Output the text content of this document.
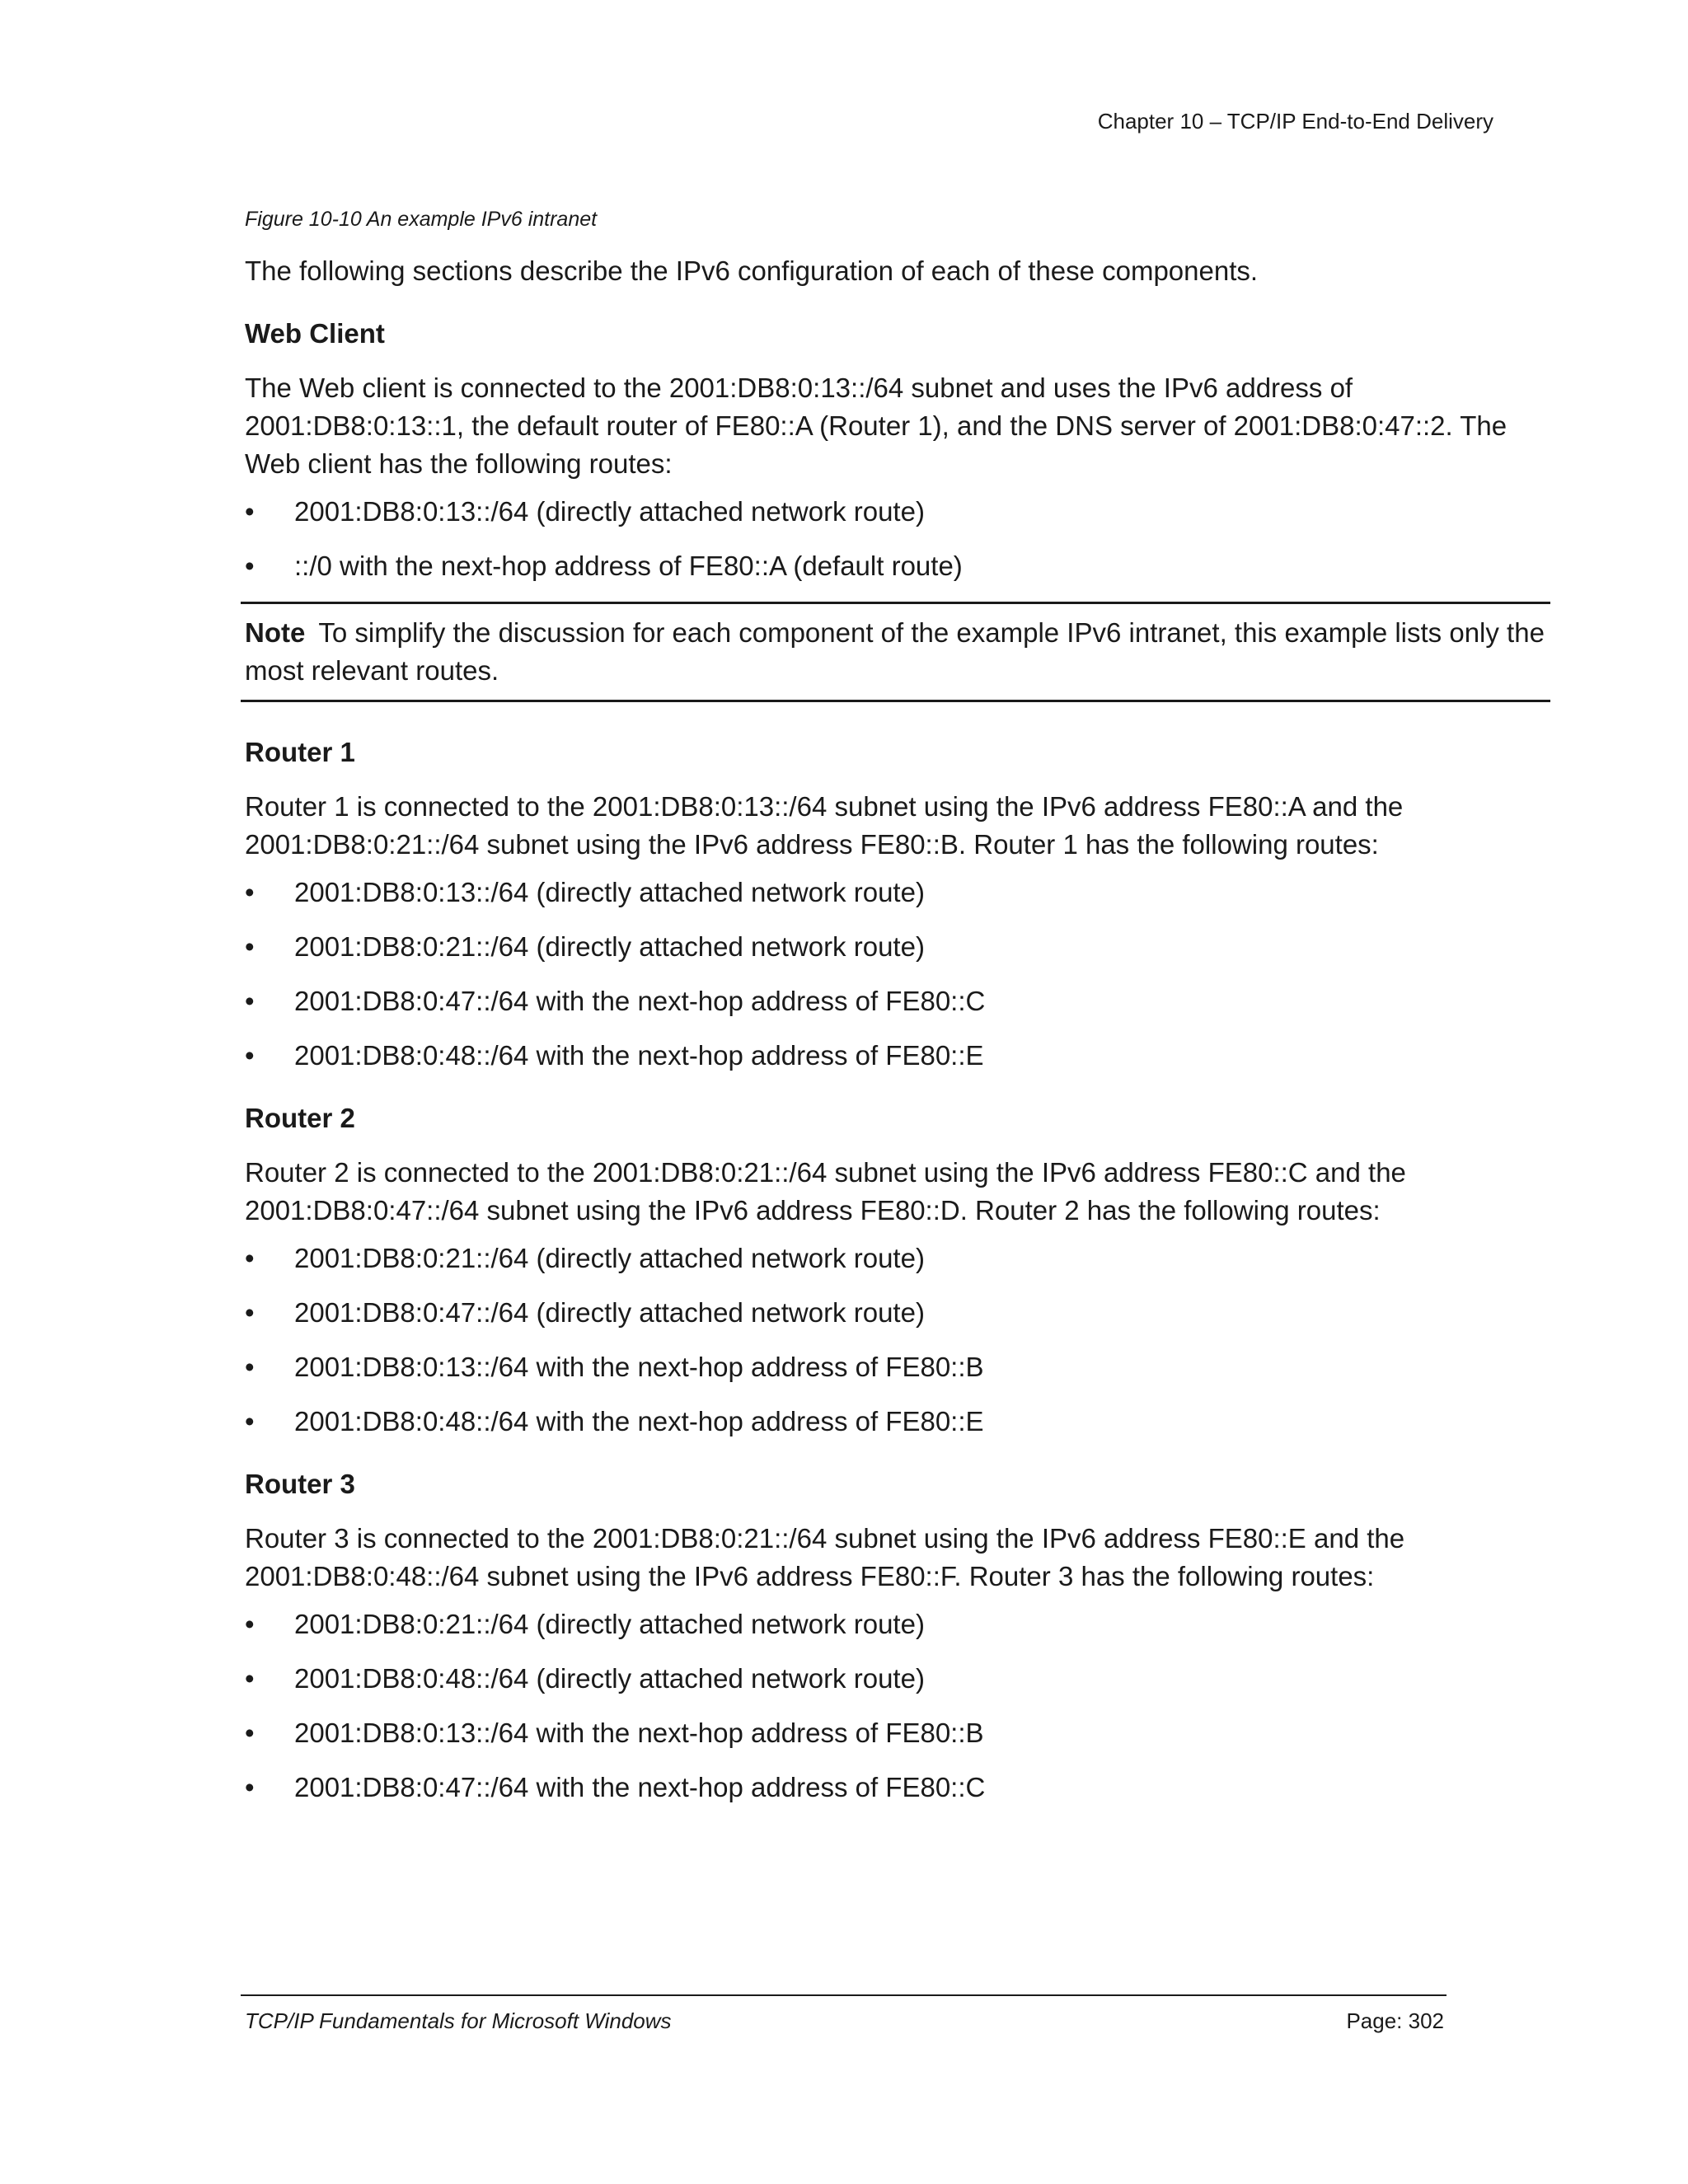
Chapter 10 – TCP/IP End-to-End Delivery

Figure 10-10 An example IPv6 intranet

The following sections describe the IPv6 configuration of each of these components.

Web Client

The Web client is connected to the 2001:DB8:0:13::/64 subnet and uses the IPv6 address of 2001:DB8:0:13::1, the default router of FE80::A (Router 1), and the DNS server of 2001:DB8:0:47::2. The Web client has the following routes:

• 2001:DB8:0:13::/64 (directly attached network route)
• ::/0 with the next-hop address of FE80::A (default route)
Note To simplify the discussion for each component of the example IPv6 intranet, this example lists only the most relevant routes.
Router 1

Router 1 is connected to the 2001:DB8:0:13::/64 subnet using the IPv6 address FE80::A and the 2001:DB8:0:21::/64 subnet using the IPv6 address FE80::B. Router 1 has the following routes:

• 2001:DB8:0:13::/64 (directly attached network route)
• 2001:DB8:0:21::/64 (directly attached network route)
• 2001:DB8:0:47::/64 with the next-hop address of FE80::C
• 2001:DB8:0:48::/64 with the next-hop address of FE80::E
Router 2

Router 2 is connected to the 2001:DB8:0:21::/64 subnet using the IPv6 address FE80::C and the 2001:DB8:0:47::/64 subnet using the IPv6 address FE80::D. Router 2 has the following routes:

• 2001:DB8:0:21::/64 (directly attached network route)
• 2001:DB8:0:47::/64 (directly attached network route)
• 2001:DB8:0:13::/64 with the next-hop address of FE80::B
• 2001:DB8:0:48::/64 with the next-hop address of FE80::E
Router 3

Router 3 is connected to the 2001:DB8:0:21::/64 subnet using the IPv6 address FE80::E and the 2001:DB8:0:48::/64 subnet using the IPv6 address FE80::F. Router 3 has the following routes:

• 2001:DB8:0:21::/64 (directly attached network route)
• 2001:DB8:0:48::/64 (directly attached network route)
• 2001:DB8:0:13::/64 with the next-hop address of FE80::B
• 2001:DB8:0:47::/64 with the next-hop address of FE80::C
TCP/IP Fundamentals for Microsoft Windows	Page: 302
